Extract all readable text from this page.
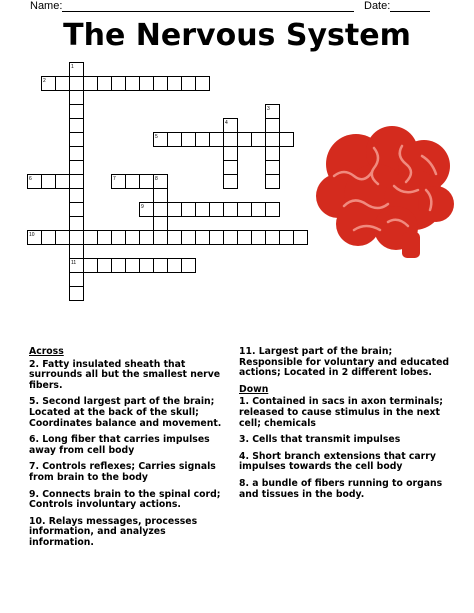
Name:	Date:
The Nervous System
1
2
3
4
5
6	7	8
9
10
11
Across
2. Fatty insulated sheath that surrounds all but the smallest nerve fibers.
5. Second largest part of the brain; Located at the back of the skull; Coordinates balance and movement.
6. Long fiber that carries impulses away from cell body
7. Controls reflexes; Carries signals from brain to the body
9. Connects brain to the spinal cord; Controls involuntary actions.
10. Relays messages, processes information, and analyzes information.
11. Largest part of the brain; Responsible for voluntary and educated actions; Located in 2 different lobes.
Down
1. Contained in sacs in axon terminals; released to cause stimulus in the next cell; chemicals
3. Cells that transmit impulses
4. Short branch extensions that carry impulses towards the cell body
8. a bundle of fibers running to organs and tissues in the body.
